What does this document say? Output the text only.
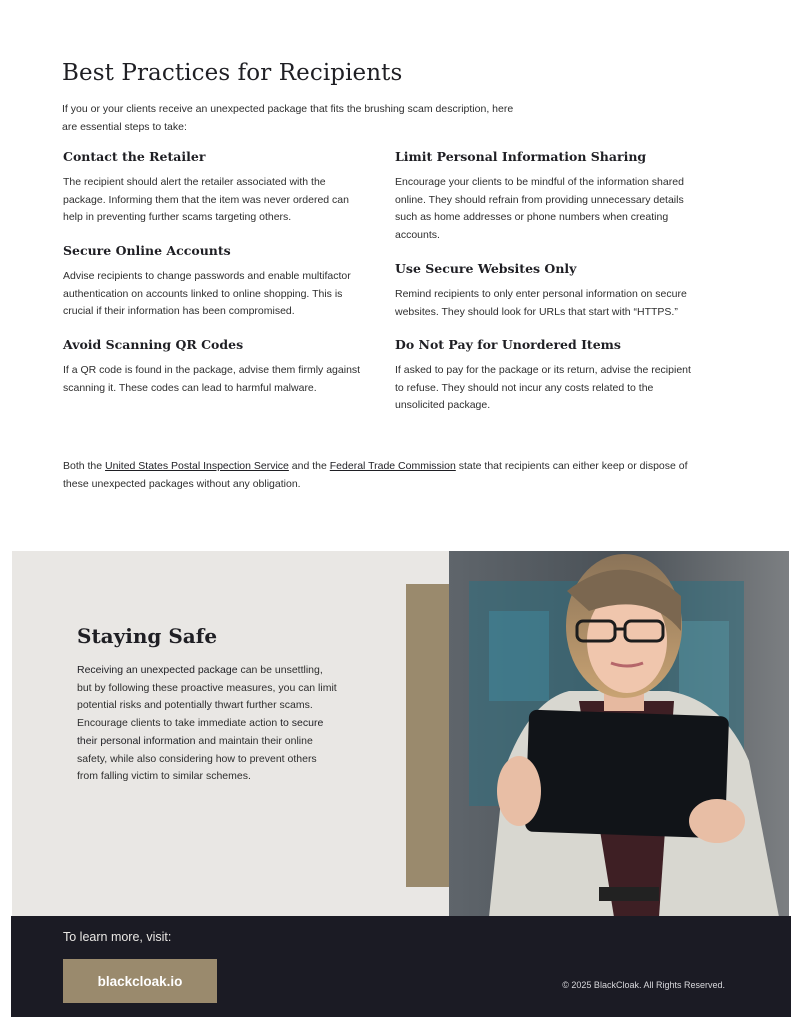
Best Practices for Recipients

If you or your clients receive an unexpected package that fits the brushing scam description, here are essential steps to take:

Contact the Retailer

The recipient should alert the retailer associated with the package. Informing them that the item was never ordered can help in preventing further scams targeting others.

Secure Online Accounts

Advise recipients to change passwords and enable multifactor authentication on accounts linked to online shopping. This is crucial if their information has been compromised.

Avoid Scanning QR Codes

If a QR code is found in the package, advise them firmly against scanning it. These codes can lead to harmful malware.

Limit Personal Information Sharing

Encourage your clients to be mindful of the information shared online. They should refrain from providing unnecessary details such as home addresses or phone numbers when creating accounts.

Use Secure Websites Only

Remind recipients to only enter personal information on secure websites. They should look for URLs that start with “HTTPS.”

Do Not Pay for Unordered Items

If asked to pay for the package or its return, advise the recipient to refuse. They should not incur any costs related to the unsolicited package.

Both the United States Postal Inspection Service and the Federal Trade Commission state that recipients can either keep or dispose of these unexpected packages without any obligation.

Staying Safe

Receiving an unexpected package can be unsettling, but by following these proactive measures, you can limit potential risks and potentially thwart further scams. Encourage clients to take immediate action to secure their personal information and maintain their online safety, while also considering how to prevent others from falling victim to similar schemes.

To learn more, visit:

blackcloak.io	© 2025 BlackCloak. All Rights Reserved.
